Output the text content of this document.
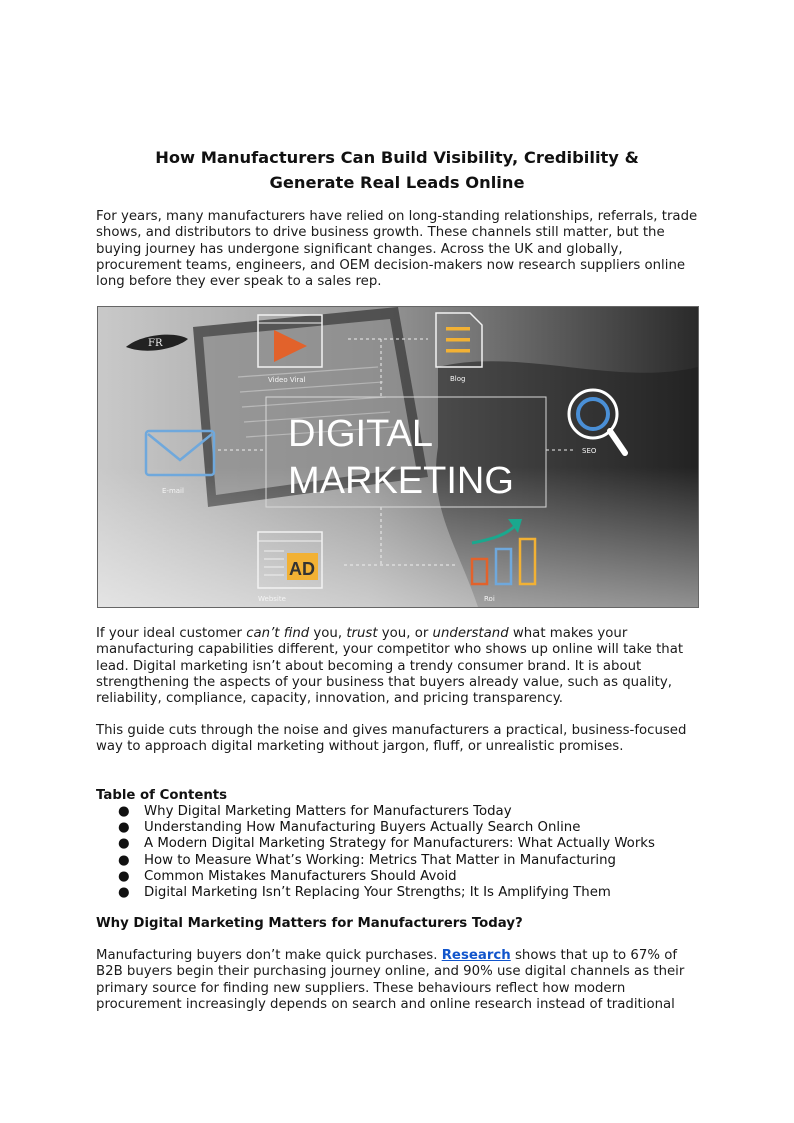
How Manufacturers Can Build Visibility, Credibility &
Generate Real Leads Online
For years, many manufacturers have relied on long-standing relationships, referrals, trade shows, and distributors to drive business growth. These channels still matter, but the buying journey has undergone significant changes. Across the UK and globally, procurement teams, engineers, and OEM decision-makers now research suppliers online long before they ever speak to a sales rep.
FR
Video Viral	Blog
DIGITAL
MARKETING
E-mail
SEO
AD
Website	Roi
If your ideal customer can’t find you, trust you, or understand what makes your manufacturing capabilities different, your competitor who shows up online will take that lead. Digital marketing isn’t about becoming a trendy consumer brand. It is about strengthening the aspects of your business that buyers already value, such as quality, reliability, compliance, capacity, innovation, and pricing transparency.
This guide cuts through the noise and gives manufacturers a practical, business-focused way to approach digital marketing without jargon, fluff, or unrealistic promises.
Table of Contents
● Why Digital Marketing Matters for Manufacturers Today
● Understanding How Manufacturing Buyers Actually Search Online
● A Modern Digital Marketing Strategy for Manufacturers: What Actually Works
● How to Measure What’s Working: Metrics That Matter in Manufacturing
● Common Mistakes Manufacturers Should Avoid
● Digital Marketing Isn’t Replacing Your Strengths; It Is Amplifying Them
Why Digital Marketing Matters for Manufacturers Today?
Manufacturing buyers don’t make quick purchases. Research shows that up to 67% of B2B buyers begin their purchasing journey online, and 90% use digital channels as their primary source for finding new suppliers. These behaviours reflect how modern procurement increasingly depends on search and online research instead of traditional
